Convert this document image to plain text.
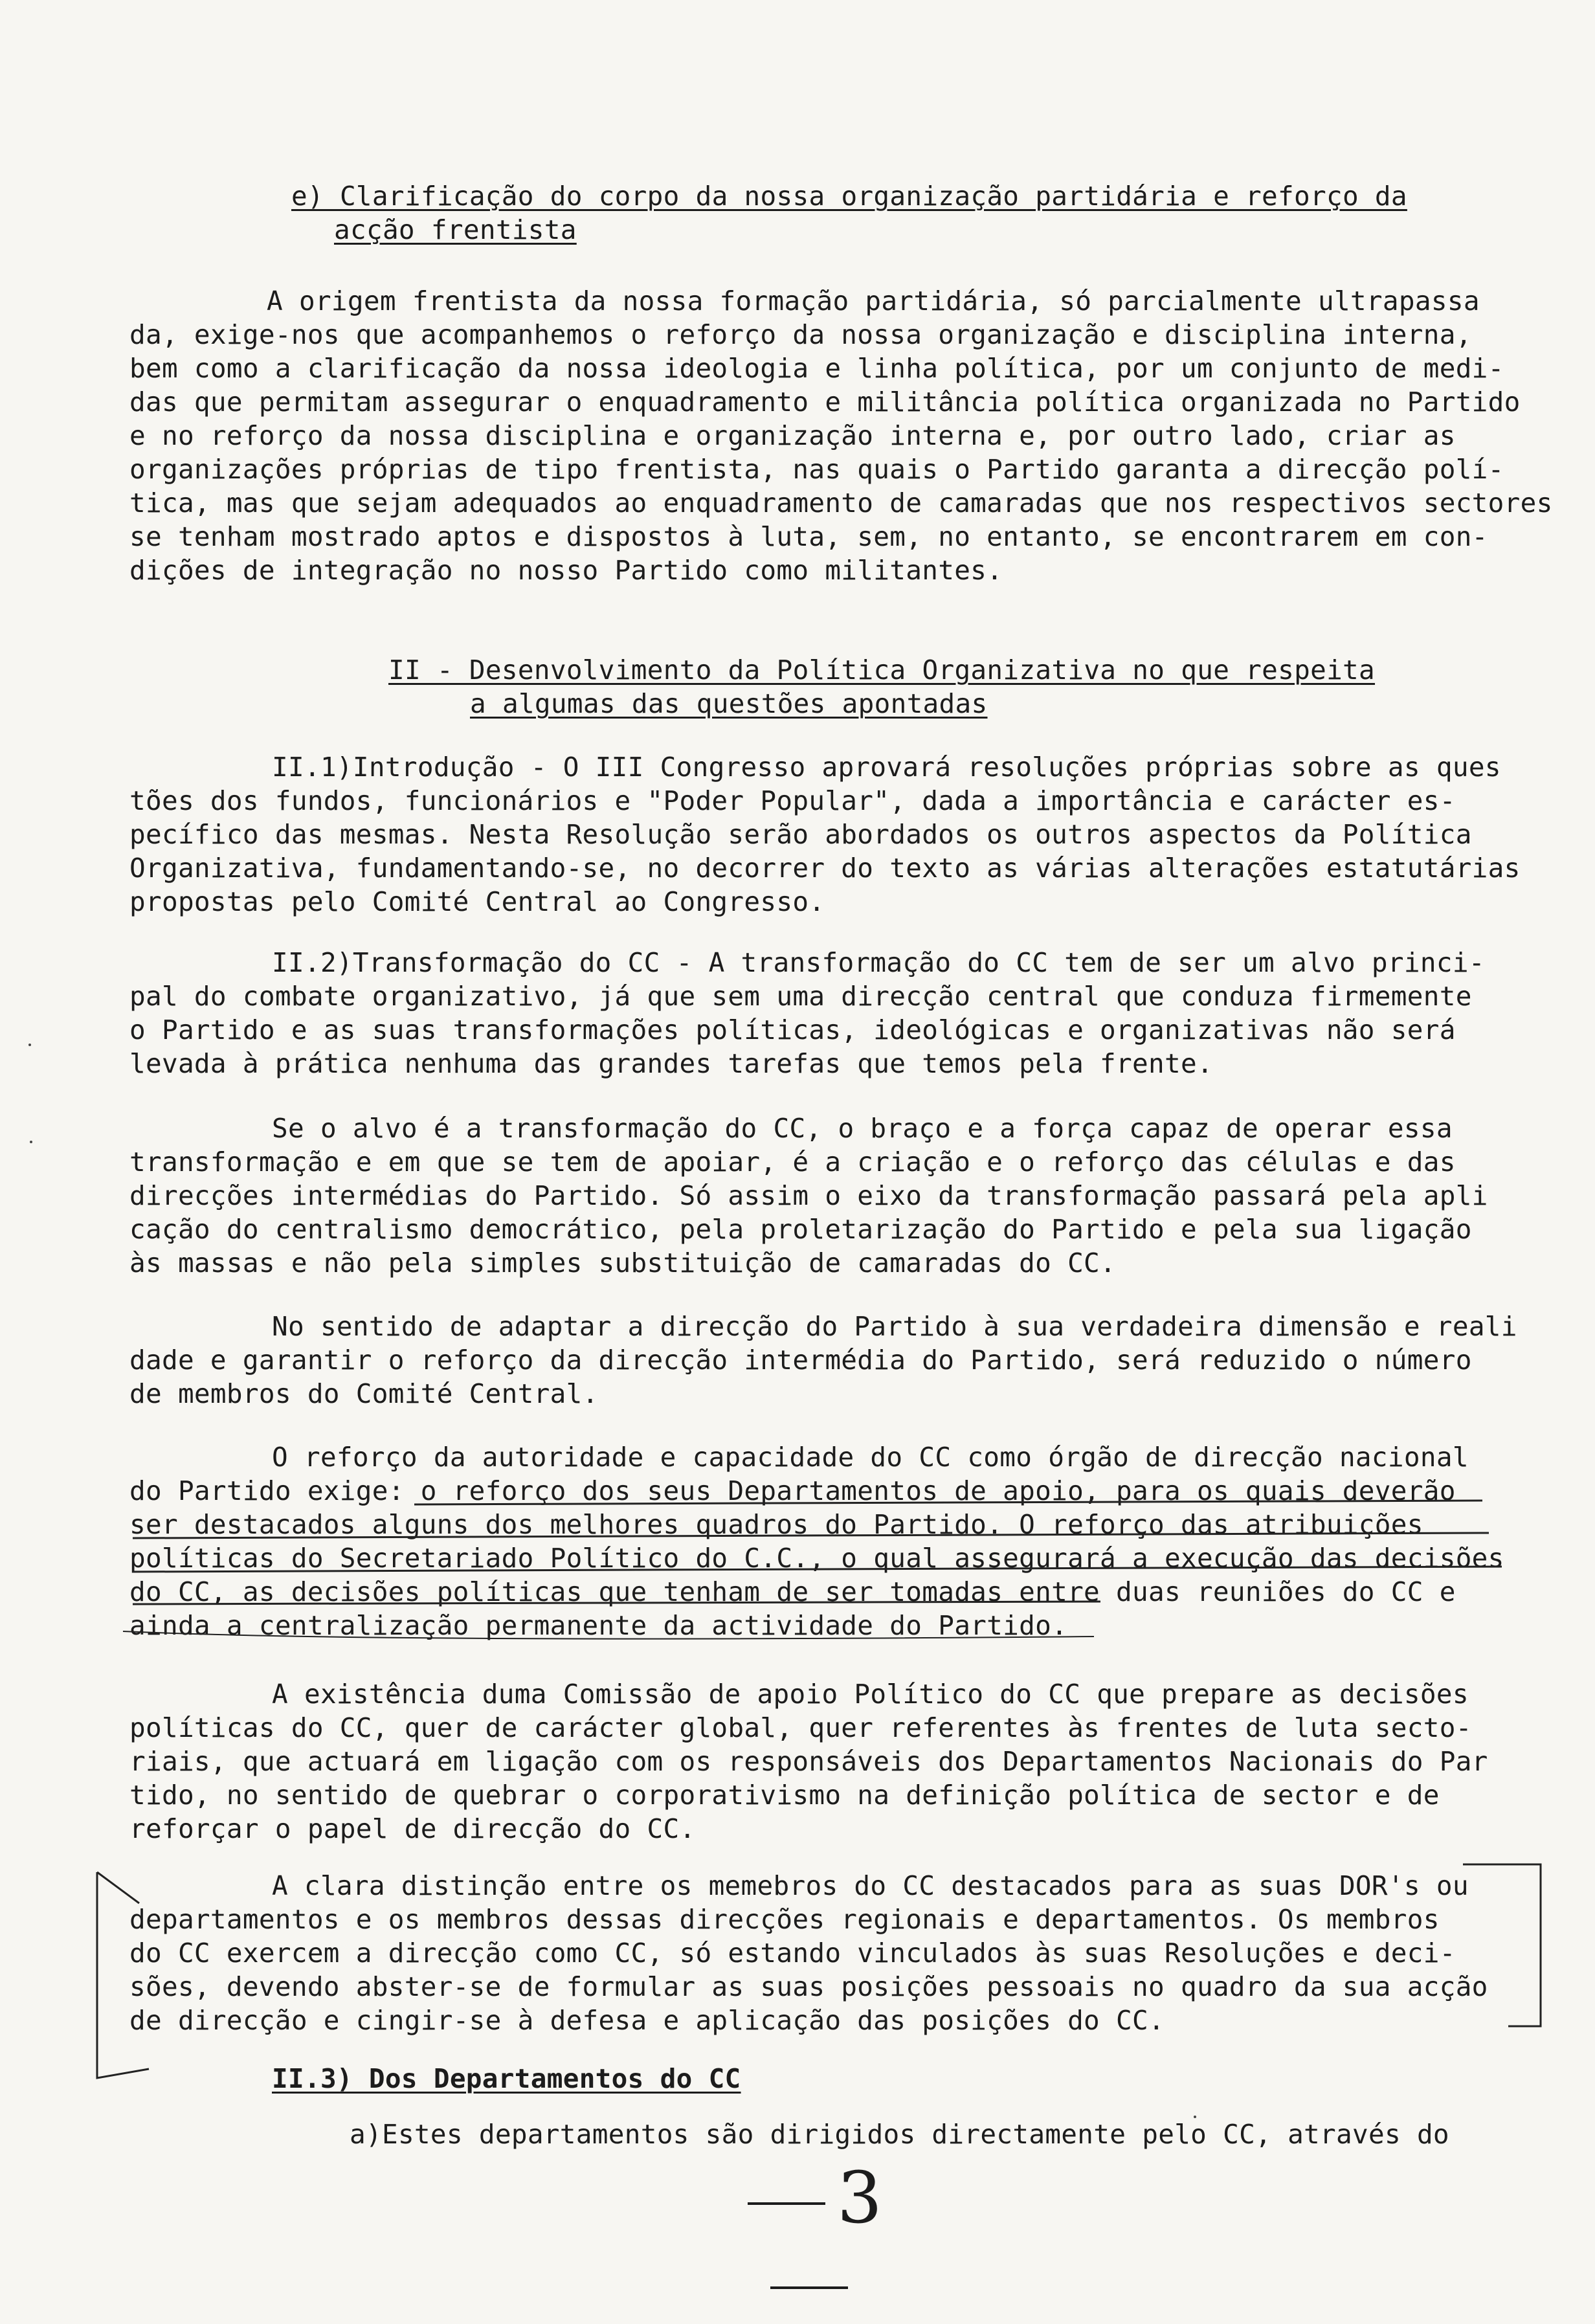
e) Clarificação do corpo da nossa organização partidária e reforço da
acção frentista
A origem frentista da nossa formação partidária, só parcialmente ultrapassa
da, exige-nos que acompanhemos o reforço da nossa organização e disciplina interna,
bem como a clarificação da nossa ideologia e linha política, por um conjunto de medi-
das que permitam assegurar o enquadramento e militância política organizada no Partido
e no reforço da nossa disciplina e organização interna e, por outro lado, criar as
organizações próprias de tipo frentista, nas quais o Partido garanta a direcção polí-
tica, mas que sejam adequados ao enquadramento de camaradas que nos respectivos sectores
se tenham mostrado aptos e dispostos à luta, sem, no entanto, se encontrarem em con-
dições de integração no nosso Partido como militantes.
II - Desenvolvimento da Política Organizativa no que respeita
a algumas das questões apontadas
II.1)Introdução - O III Congresso aprovará resoluções próprias sobre as ques
tões dos fundos, funcionários e "Poder Popular", dada a importância e carácter es-
pecífico das mesmas. Nesta Resolução serão abordados os outros aspectos da Política
Organizativa, fundamentando-se, no decorrer do texto as várias alterações estatutárias
propostas pelo Comité Central ao Congresso.
II.2)Transformação do CC - A transformação do CC tem de ser um alvo princi-
pal do combate organizativo, já que sem uma direcção central que conduza firmemente
o Partido e as suas transformações políticas, ideológicas e organizativas não será
levada à prática nenhuma das grandes tarefas que temos pela frente.
Se o alvo é a transformação do CC, o braço e a força capaz de operar essa
transformação e em que se tem de apoiar, é a criação e o reforço das células e das
direcções intermédias do Partido. Só assim o eixo da transformação passará pela apli
cação do centralismo democrático, pela proletarização do Partido e pela sua ligação
às massas e não pela simples substituição de camaradas do CC.
No sentido de adaptar a direcção do Partido à sua verdadeira dimensão e reali
dade e garantir o reforço da direcção intermédia do Partido, será reduzido o número
de membros do Comité Central.
O reforço da autoridade e capacidade do CC como órgão de direcção nacional
do Partido exige: o reforço dos seus Departamentos de apoio, para os quais deverão
ser destacados alguns dos melhores quadros do Partido. O reforço das atribuições
políticas do Secretariado Político do C.C., o qual assegurará a execução das decisões
do CC, as decisões políticas que tenham de ser tomadas entre duas reuniões do CC e
ainda a centralização permanente da actividade do Partido.
A existência duma Comissão de apoio Político do CC que prepare as decisões
políticas do CC, quer de carácter global, quer referentes às frentes de luta secto-
riais, que actuará em ligação com os responsáveis dos Departamentos Nacionais do Par
tido, no sentido de quebrar o corporativismo na definição política de sector e de
reforçar o papel de direcção do CC.
A clara distinção entre os memebros do CC destacados para as suas DOR's ou
departamentos e os membros dessas direcções regionais e departamentos. Os membros
do CC exercem a direcção como CC, só estando vinculados às suas Resoluções e deci-
sões, devendo abster-se de formular as suas posições pessoais no quadro da sua acção
de direcção e cingir-se à defesa e aplicação das posições do CC.
II.3) Dos Departamentos do CC
a)Estes departamentos são dirigidos directamente pelo CC, através do
3
